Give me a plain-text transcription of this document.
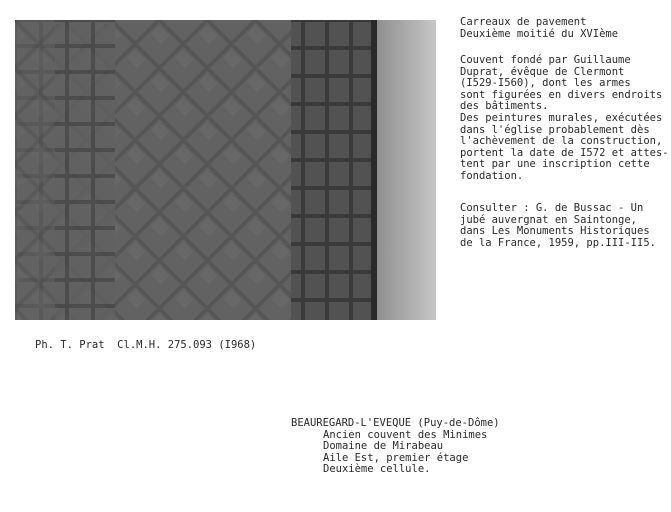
Carreaux de pavement
Deuxième moitié du XVIème

Couvent fondé par Guillaume
Duprat, évêque de Clermont
(I529-I560), dont les armes
sont figurées en divers endroits
des bâtiments.
Des peintures murales, exécutées
dans l'église probablement dès
l'achèvement de la construction,
portent la date de I572 et attes-
tent par une inscription cette
fondation.

Consulter : G. de Bussac - Un
jubé auvergnat en Saintonge,
dans Les Monuments Historiques
de la France, 1959, pp.III-II5.

Ph. T. Prat  Cl.M.H. 275.093 (I968)

BEAUREGARD-L'EVEQUE (Puy-de-Dôme)
Ancien couvent des Minimes
Domaine de Mirabeau
Aile Est, premier étage
Deuxième cellule.
